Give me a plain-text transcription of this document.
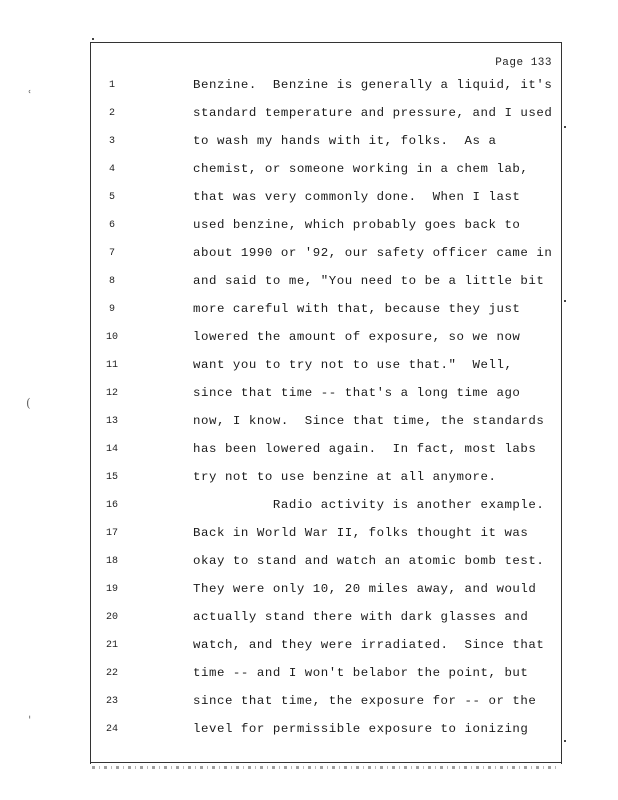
ʿ
(
ˌ
Page 133
1	Benzine.  Benzine is generally a liquid, it's
2	standard temperature and pressure, and I used
3	to wash my hands with it, folks.  As a
4	chemist, or someone working in a chem lab,
5	that was very commonly done.  When I last
6	used benzine, which probably goes back to
7	about 1990 or '92, our safety officer came in
8	and said to me, "You need to be a little bit
9	more careful with that, because they just
10	lowered the amount of exposure, so we now
11	want you to try not to use that."  Well,
12	since that time -- that's a long time ago
13	now, I know.  Since that time, the standards
14	has been lowered again.  In fact, most labs
15	try not to use benzine at all anymore.
16	Radio activity is another example.
17	Back in World War II, folks thought it was
18	okay to stand and watch an atomic bomb test.
19	They were only 10, 20 miles away, and would
20	actually stand there with dark glasses and
21	watch, and they were irradiated.  Since that
22	time -- and I won't belabor the point, but
23	since that time, the exposure for -- or the
24	level for permissible exposure to ionizing
